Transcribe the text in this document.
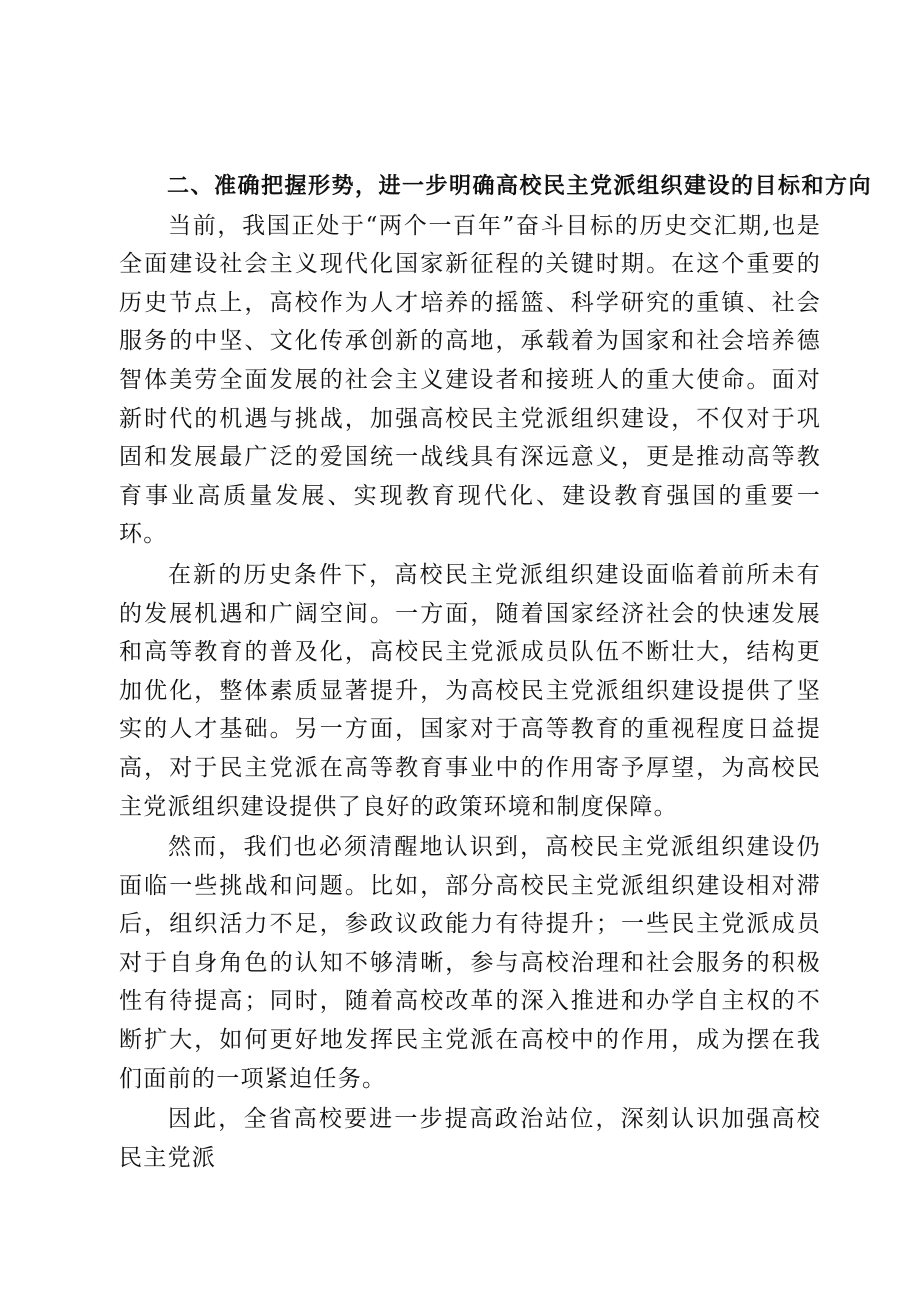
二、准确把握形势，进一步明确高校民主党派组织建设的目标和方向

当前，我国正处于“两个一百年”奋斗目标的历史交汇期,也是全面建设社会主义现代化国家新征程的关键时期。在这个重要的历史节点上，高校作为人才培养的摇篮、科学研究的重镇、社会服务的中坚、文化传承创新的高地，承载着为国家和社会培养德智体美劳全面发展的社会主义建设者和接班人的重大使命。面对新时代的机遇与挑战，加强高校民主党派组织建设，不仅对于巩固和发展最广泛的爱国统一战线具有深远意义，更是推动高等教育事业高质量发展、实现教育现代化、建设教育强国的重要一环。

在新的历史条件下，高校民主党派组织建设面临着前所未有的发展机遇和广阔空间。一方面，随着国家经济社会的快速发展和高等教育的普及化，高校民主党派成员队伍不断壮大，结构更加优化，整体素质显著提升，为高校民主党派组织建设提供了坚实的人才基础。另一方面，国家对于高等教育的重视程度日益提高，对于民主党派在高等教育事业中的作用寄予厚望，为高校民主党派组织建设提供了良好的政策环境和制度保障。

然而，我们也必须清醒地认识到，高校民主党派组织建设仍面临一些挑战和问题。比如，部分高校民主党派组织建设相对滞后，组织活力不足，参政议政能力有待提升；一些民主党派成员对于自身角色的认知不够清晰，参与高校治理和社会服务的积极性有待提高；同时，随着高校改革的深入推进和办学自主权的不断扩大，如何更好地发挥民主党派在高校中的作用，成为摆在我们面前的一项紧迫任务。

因此，全省高校要进一步提高政治站位，深刻认识加强高校民主党派
